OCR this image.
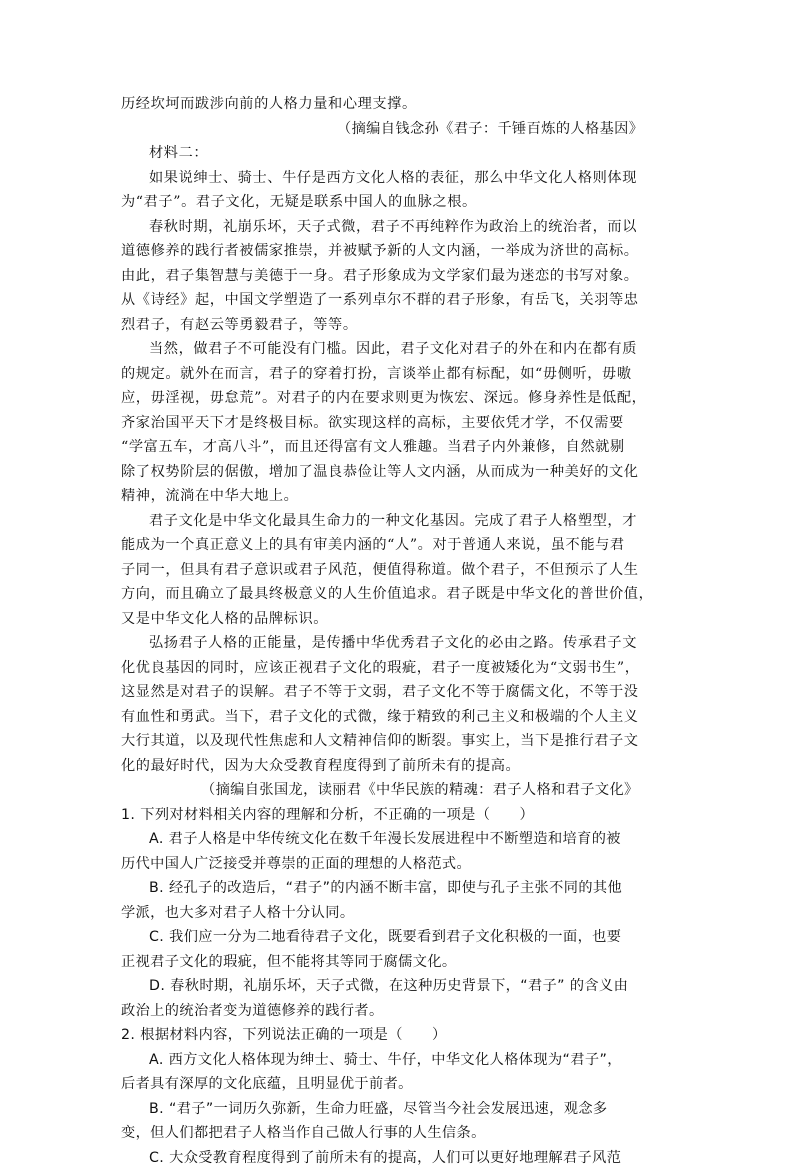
历经坎坷而跋涉向前的人格力量和心理支撑。
（摘编自钱念孙《君子：千锤百炼的人格基因》
材料二：
如果说绅士、骑士、牛仔是西方文化人格的表征，那么中华文化人格则体现
为“君子”。君子文化，无疑是联系中国人的血脉之根。
春秋时期，礼崩乐坏，天子式微，君子不再纯粹作为政治上的统治者，而以
道德修养的践行者被儒家推崇，并被赋予新的人文内涵，一举成为济世的高标。
由此，君子集智慧与美德于一身。君子形象成为文学家们最为迷恋的书写对象。
从《诗经》起，中国文学塑造了一系列卓尔不群的君子形象，有岳飞，关羽等忠
烈君子，有赵云等勇毅君子，等等。
当然，做君子不可能没有门槛。因此，君子文化对君子的外在和内在都有质
的规定。就外在而言，君子的穿着打扮，言谈举止都有标配，如“毋侧听，毋嗷
应，毋淫视，毋怠荒”。对君子的内在要求则更为恢宏、深远。修身养性是低配，
齐家治国平天下才是终极目标。欲实现这样的高标，主要依凭才学，不仅需要
“学富五车，才高八斗”，而且还得富有文人雅趣。当君子内外兼修，自然就剔
除了权势阶层的倨傲，增加了温良恭俭让等人文内涵，从而成为一种美好的文化
精神，流淌在中华大地上。
君子文化是中华文化最具生命力的一种文化基因。完成了君子人格塑型，才
能成为一个真正意义上的具有审美内涵的“人”。对于普通人来说，虽不能与君
子同一，但具有君子意识或君子风范，便值得称道。做个君子，不但预示了人生
方向，而且确立了最具终极意义的人生价值追求。君子既是中华文化的普世价值，
又是中华文化人格的品牌标识。
弘扬君子人格的正能量，是传播中华优秀君子文化的必由之路。传承君子文
化优良基因的同时，应该正视君子文化的瑕疵，君子一度被矮化为“文弱书生”，
这显然是对君子的误解。君子不等于文弱，君子文化不等于腐儒文化，不等于没
有血性和勇武。当下，君子文化的式微，缘于精致的利己主义和极端的个人主义
大行其道，以及现代性焦虑和人文精神信仰的断裂。事实上，当下是推行君子文
化的最好时代，因为大众受教育程度得到了前所未有的提高。
（摘编自张国龙，读丽君《中华民族的精魂：君子人格和君子文化》
1. 下列对材料相关内容的理解和分析，不正确的一项是（　　）
A. 君子人格是中华传统文化在数千年漫长发展进程中不断塑造和培育的被
历代中国人广泛接受并尊崇的正面的理想的人格范式。
B. 经孔子的改造后，“君子”的内涵不断丰富，即使与孔子主张不同的其他
学派，也大多对君子人格十分认同。
C. 我们应一分为二地看待君子文化，既要看到君子文化积极的一面，也要
正视君子文化的瑕疵，但不能将其等同于腐儒文化。
D. 春秋时期，礼崩乐坏，天子式微，在这种历史背景下，“君子” 的含义由
政治上的统治者变为道德修养的践行者。
2. 根据材料内容，下列说法正确的一项是（　　）
A. 西方文化人格体现为绅士、骑士、牛仔，中华文化人格体现为“君子”，
后者具有深厚的文化底蕴，且明显优于前者。
B. “君子”一词历久弥新，生命力旺盛，尽管当今社会发展迅速，观念多
变，但人们都把君子人格当作自己做人行事的人生信条。
C. 大众受教育程度得到了前所未有的提高，人们可以更好地理解君子风范
